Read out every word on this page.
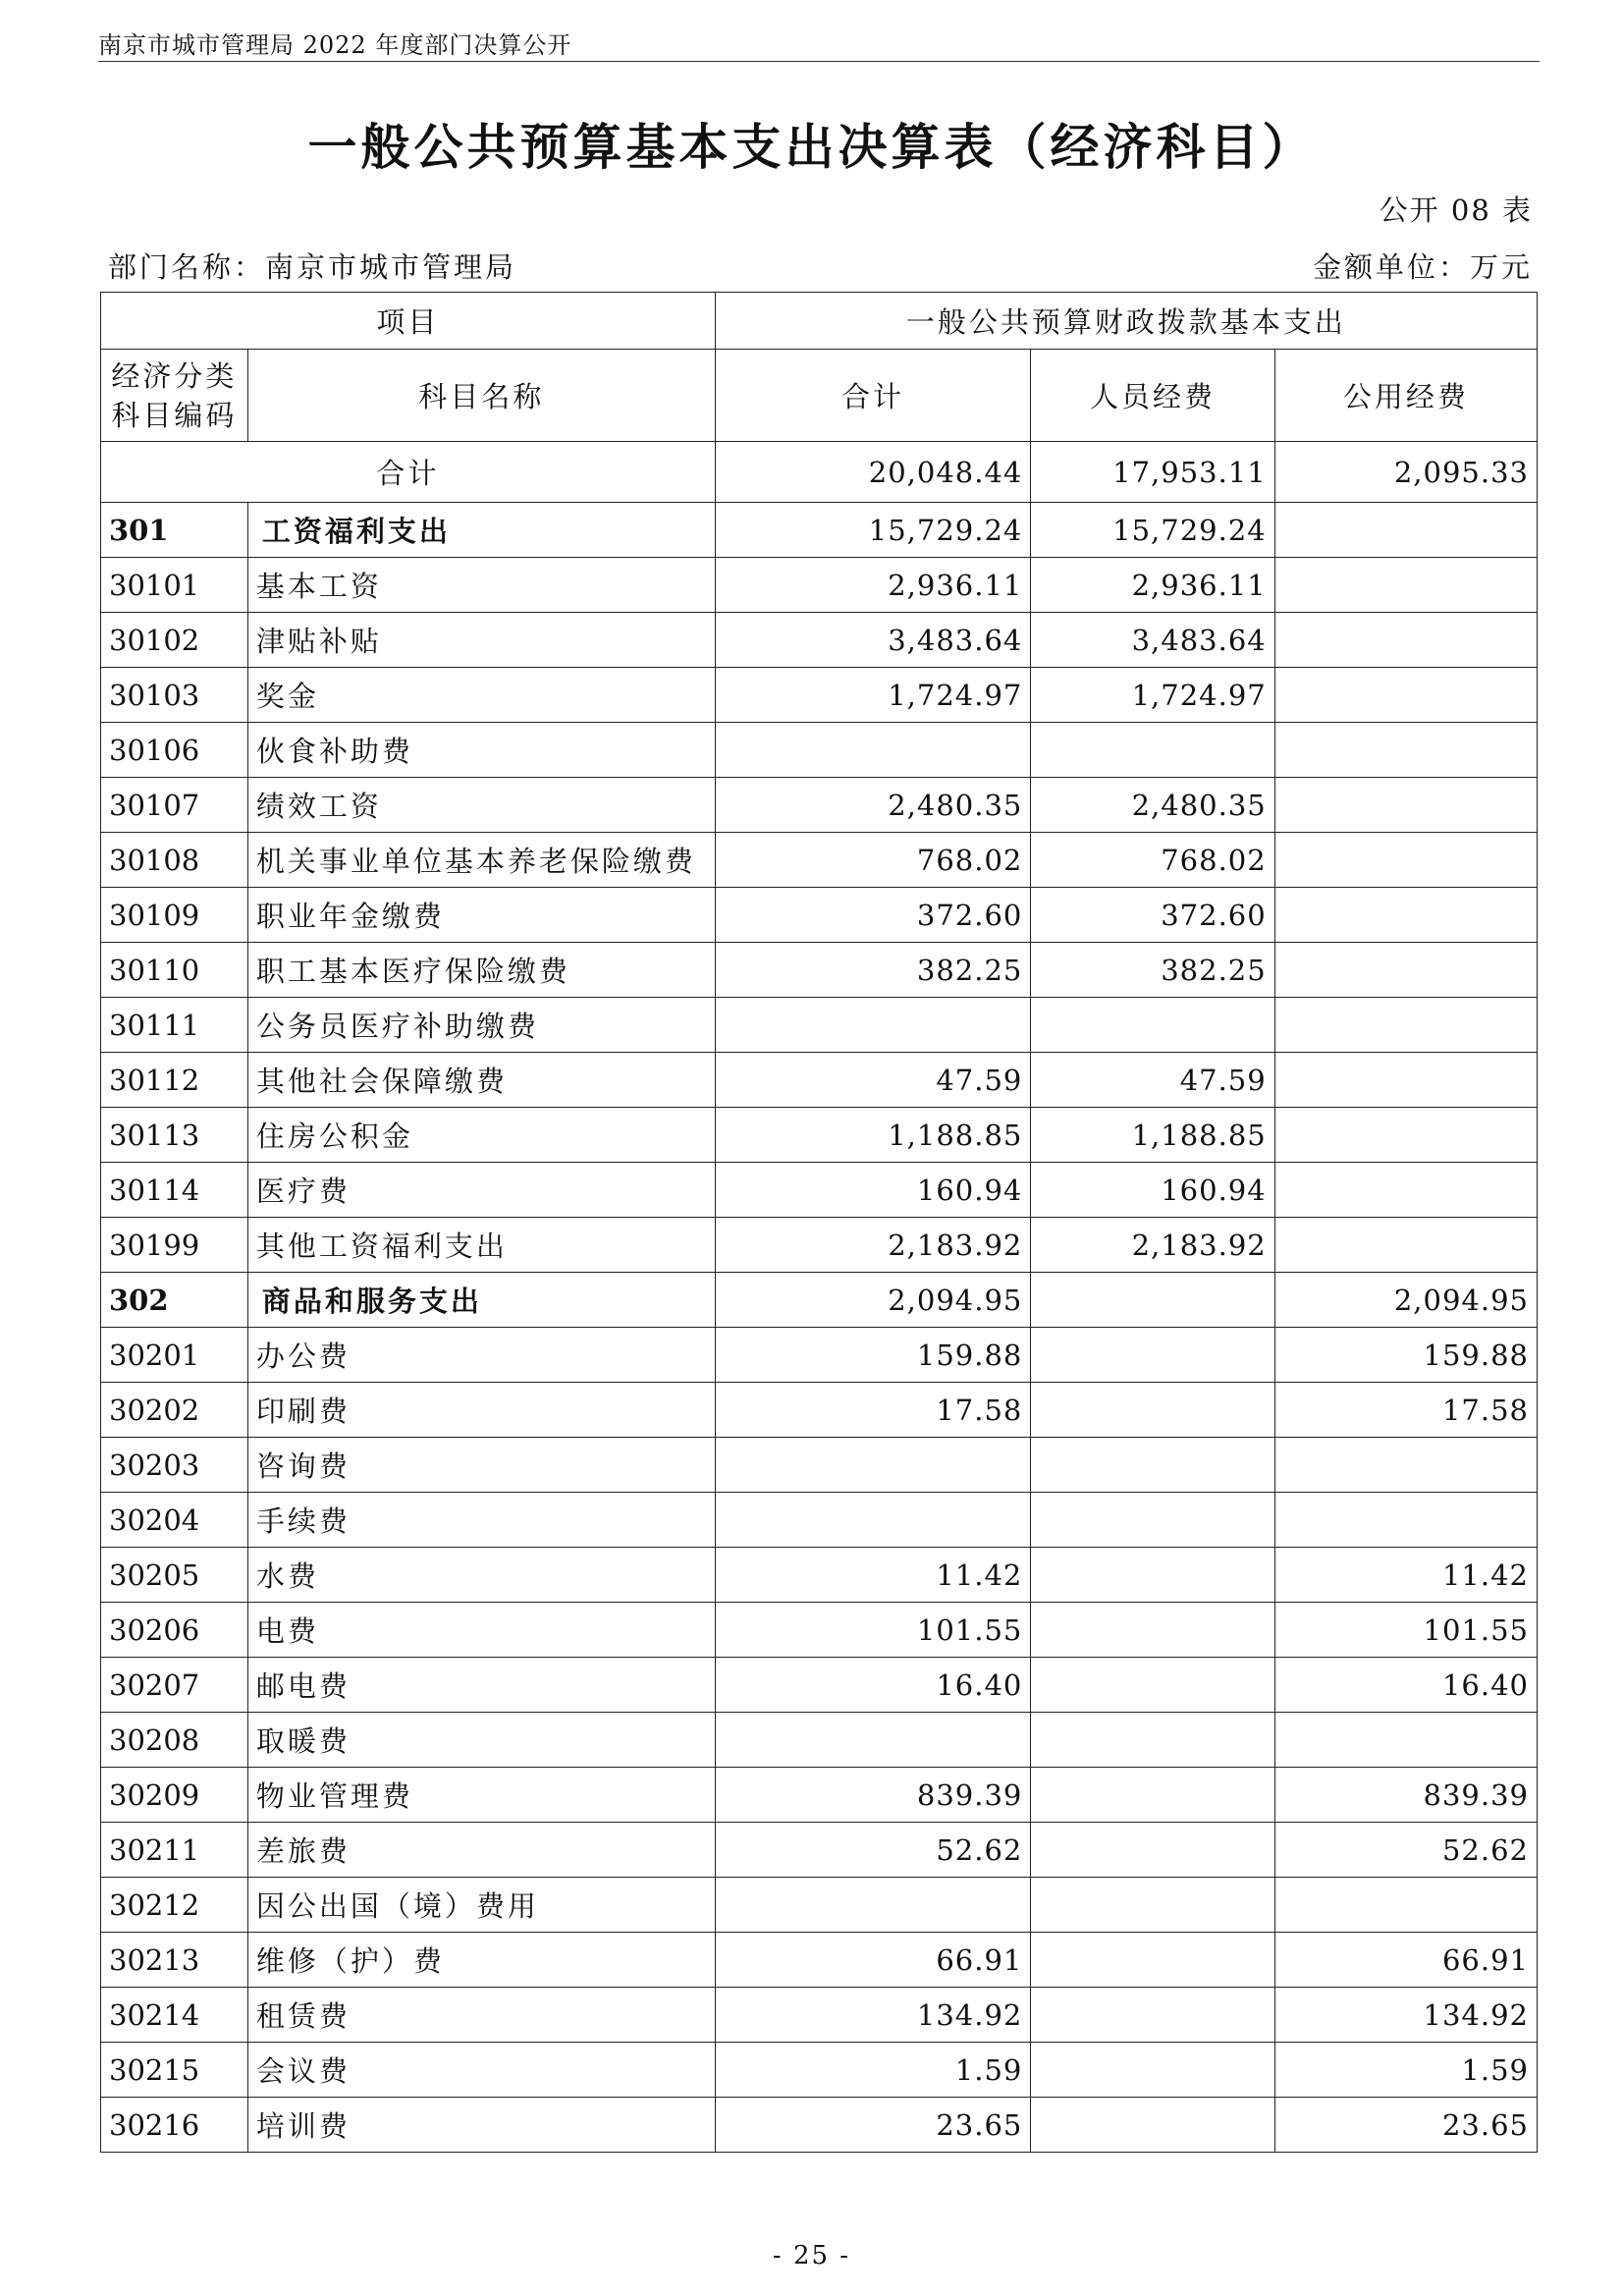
南京市城市管理局 2022 年度部门决算公开
一般公共预算基本支出决算表（经济科目）
公开 08 表
部门名称：南京市城市管理局	金额单位：万元
项目		一般公共预算财政拨款基本支出		
经济分类
科目编码	科目名称	合计	人员经费	公用经费
合计		20,048.44	17,953.11	2,095.33
301	工资福利支出	15,729.24	15,729.24	
30101	基本工资	2,936.11	2,936.11	
30102	津贴补贴	3,483.64	3,483.64	
30103	奖金	1,724.97	1,724.97	
30106	伙食补助费			
30107	绩效工资	2,480.35	2,480.35	
30108	机关事业单位基本养老保险缴费	768.02	768.02	
30109	职业年金缴费	372.60	372.60	
30110	职工基本医疗保险缴费	382.25	382.25	
30111	公务员医疗补助缴费			
30112	其他社会保障缴费	47.59	47.59	
30113	住房公积金	1,188.85	1,188.85	
30114	医疗费	160.94	160.94	
30199	其他工资福利支出	2,183.92	2,183.92	
302	商品和服务支出	2,094.95		2,094.95
30201	办公费	159.88		159.88
30202	印刷费	17.58		17.58
30203	咨询费			
30204	手续费			
30205	水费	11.42		11.42
30206	电费	101.55		101.55
30207	邮电费	16.40		16.40
30208	取暖费			
30209	物业管理费	839.39		839.39
30211	差旅费	52.62		52.62
30212	因公出国（境）费用			
30213	维修（护）费	66.91		66.91
30214	租赁费	134.92		134.92
30215	会议费	1.59		1.59
30216	培训费	23.65		23.65
- 25 -
